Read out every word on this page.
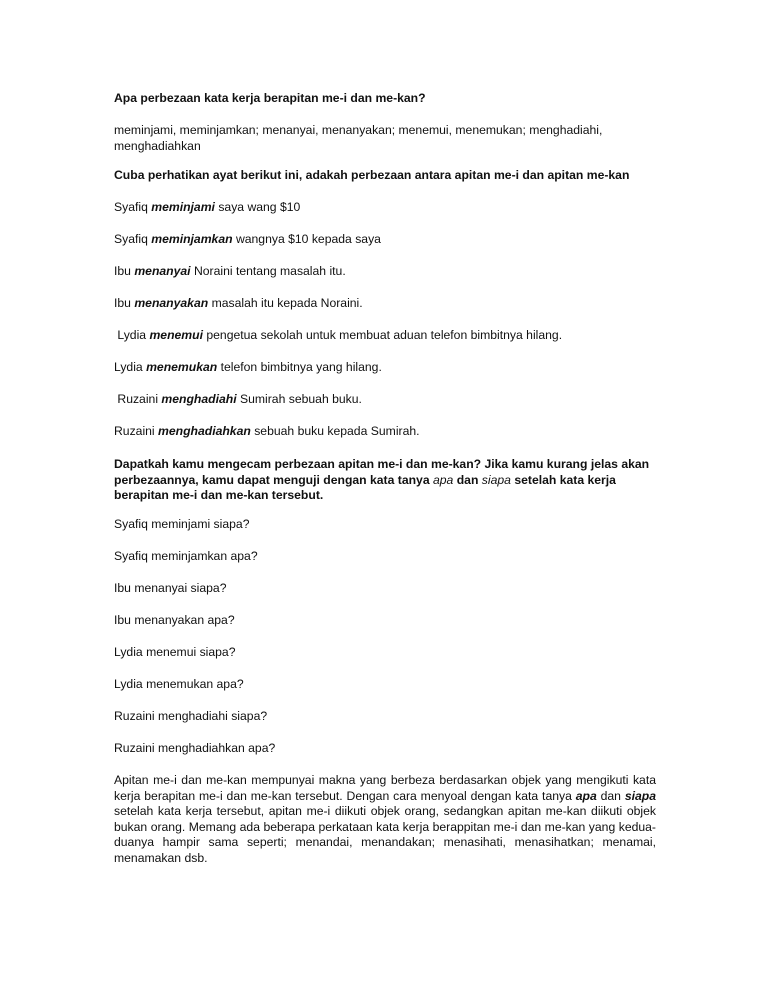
Apa perbezaan kata kerja berapitan me-i dan me-kan?

meminjami, meminjamkan; menanyai, menanyakan; menemui, menemukan; menghadiahi, menghadiahkan

Cuba perhatikan ayat berikut ini, adakah perbezaan antara apitan me-i dan apitan me-kan

Syafiq meminjami saya wang $10

Syafiq meminjamkan wangnya $10 kepada saya

Ibu menanyai Noraini tentang masalah itu.

Ibu menanyakan masalah itu kepada Noraini.

Lydia menemui pengetua sekolah untuk membuat aduan telefon bimbitnya hilang.

Lydia menemukan telefon bimbitnya yang hilang.

Ruzaini menghadiahi Sumirah sebuah buku.

Ruzaini menghadiahkan sebuah buku kepada Sumirah.

Dapatkah kamu mengecam perbezaan apitan me-i dan me-kan? Jika kamu kurang jelas akan perbezaannya, kamu dapat menguji dengan kata tanya apa dan siapa setelah kata kerja berapitan me-i dan me-kan tersebut.

Syafiq meminjami siapa?

Syafiq meminjamkan apa?

Ibu menanyai siapa?

Ibu menanyakan apa?

Lydia menemui siapa?

Lydia menemukan apa?

Ruzaini menghadiahi siapa?

Ruzaini menghadiahkan apa?

Apitan me-i dan me-kan mempunyai makna yang berbeza berdasarkan objek yang mengikuti kata kerja berapitan me-i dan me-kan tersebut. Dengan cara menyoal dengan kata tanya apa dan siapa setelah kata kerja tersebut, apitan me-i diikuti objek orang, sedangkan apitan me-kan diikuti objek bukan orang. Memang ada beberapa perkataan kata kerja berappitan me-i dan me-kan yang kedua-duanya hampir sama seperti; menandai, menandakan; menasihati, menasihatkan; menamai, menamakan dsb.
